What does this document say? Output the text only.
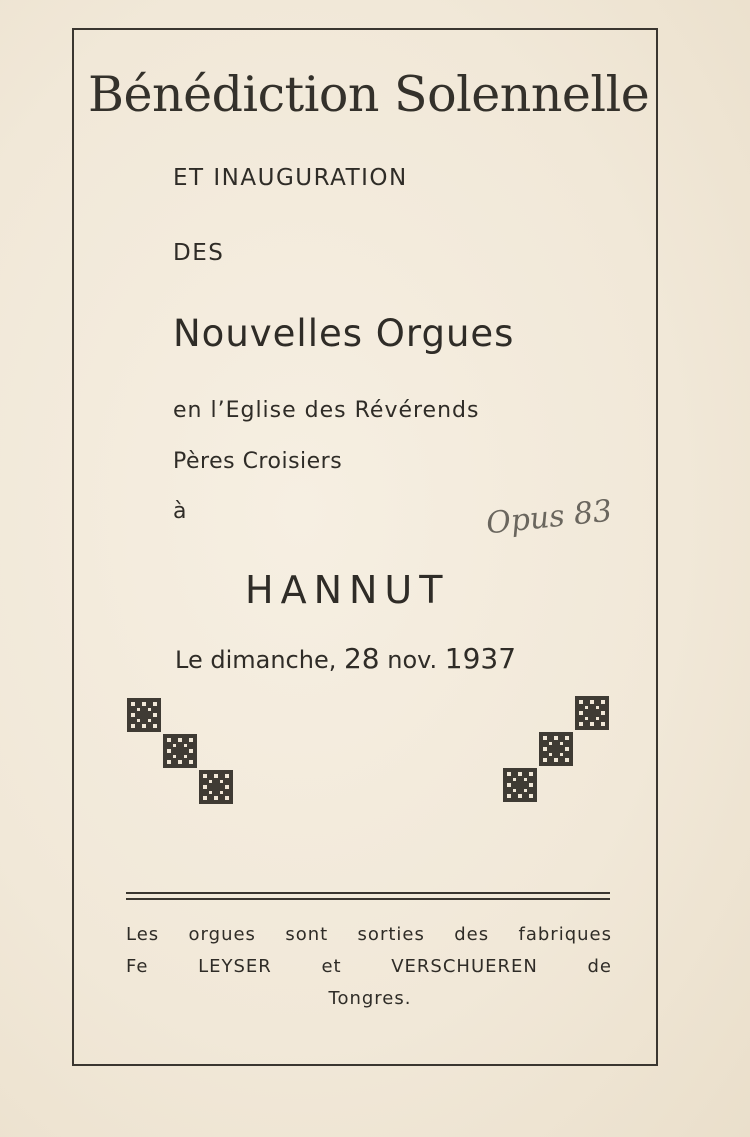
Bénédiction Solennelle
ET INAUGURATION
DES
Nouvelles Orgues
en l’Eglise des Révérends
Pères Croisiers
à	Opus 83
HANNUT
Le dimanche, 28 nov. 1937
Les orgues sont sorties des fabriques
Fe	LEYSER	et	VERSCHUEREN	de
Tongres.
